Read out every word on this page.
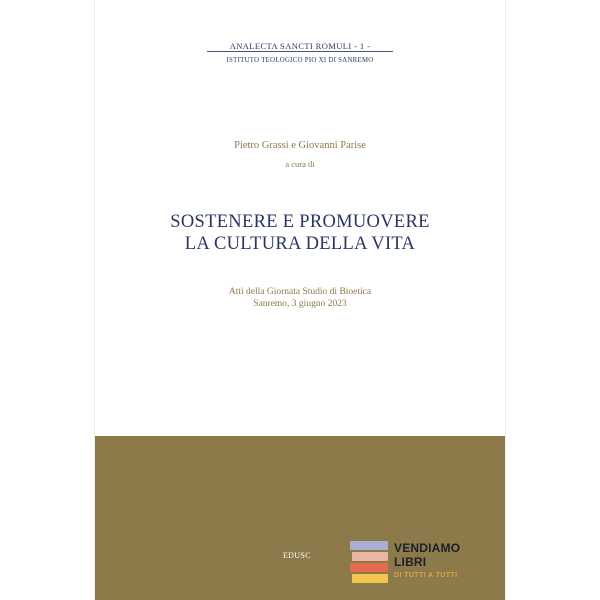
ANALECTA SANCTI ROMULI - 1 -
ISTITUTO TEOLOGICO PIO XI DI SANREMO
Pietro Grassi e Giovanni Parise
a cura di
SOSTENERE E PROMUOVERE
LA CULTURA DELLA VITA
Atti della Giornata Studio di Bioetica
Sanremo, 3 giugno 2023
EDUSC
VENDIAMO
LIBRI
DI TUTTI A TUTTI
